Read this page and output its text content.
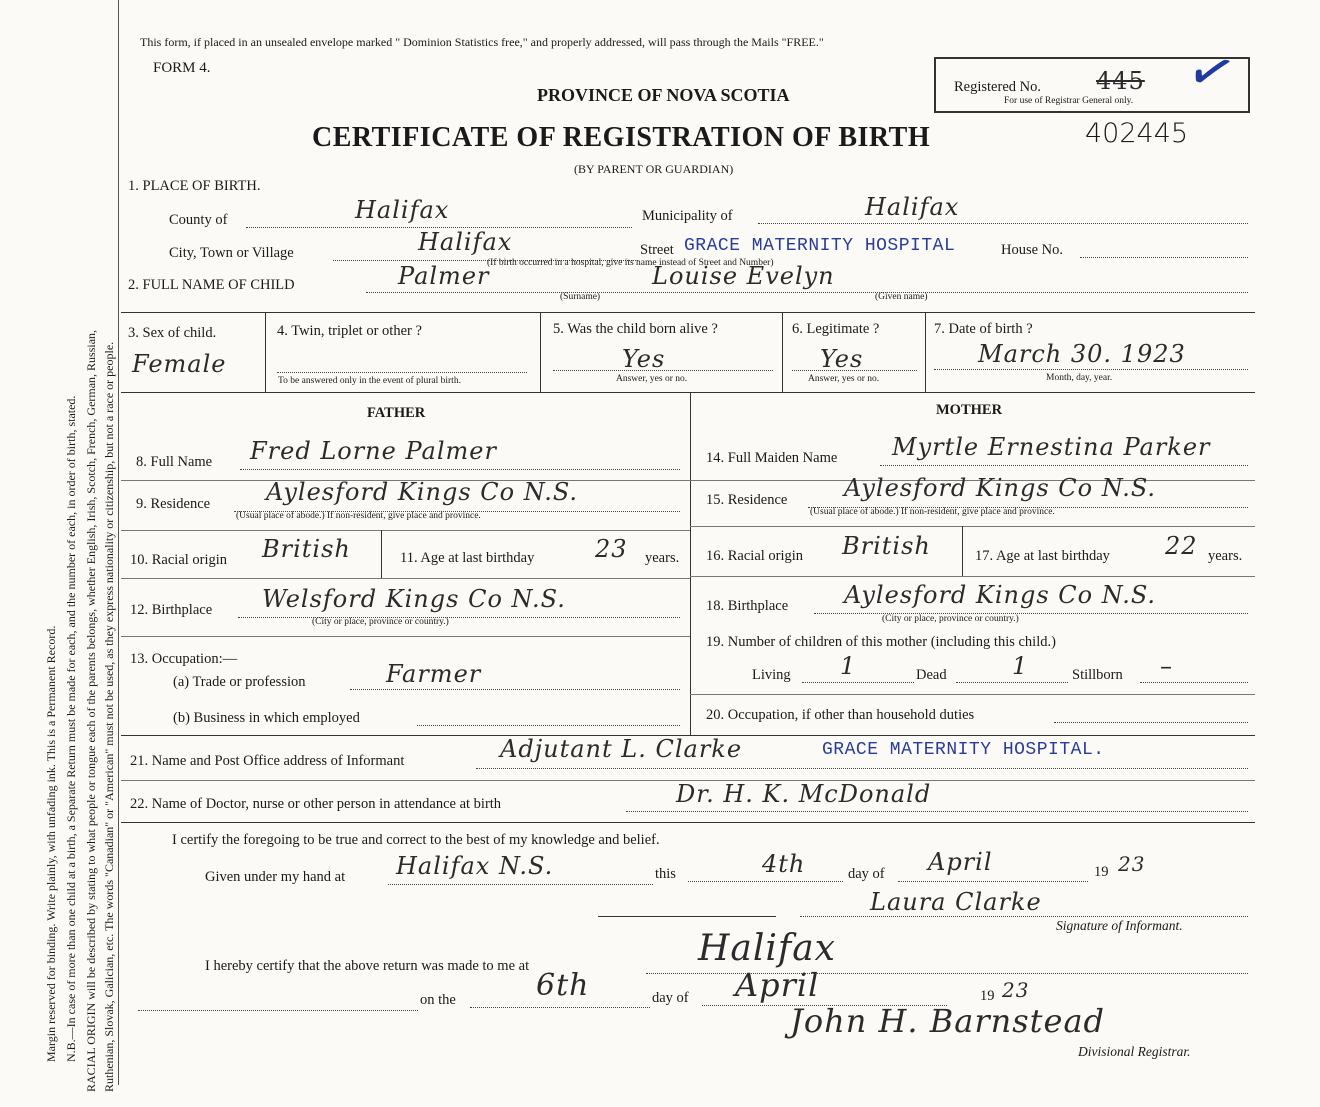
Margin reserved for binding. Write plainly, with unfading ink. This is a Permanent Record. N.B.—In case of more than one child at a birth, a Separate Return must be made for each, and the number of each, in order of birth, stated. RACIAL ORIGIN will be described by stating to what people or tongue each of the parents belongs, whether English, Irish, Scotch, French, German, Russian, Ruthenian, Slovak, Galician, etc. The words "Canadian" or "American" must not be used, as they express nationality or citizenship, but not a race or people.
This form, if placed in an unsealed envelope marked " Dominion Statistics free," and properly addressed, will pass through the Mails "FREE."
FORM 4.
PROVINCE OF NOVA SCOTIA
CERTIFICATE OF REGISTRATION OF BIRTH	402445
(BY PARENT OR GUARDIAN)
Registered No. 445
For use of Registrar General only. ✓
1. PLACE OF BIRTH.
County of	Halifax	Municipality of	Halifax
City, Town or Village	Halifax	Street GRACE MATERNITY HOSPITAL	House No.
(If birth occurred in a hospital, give its name instead of Street and Number)
2. FULL NAME OF CHILD	Palmer
(Surname)
Louise Evelyn
(Given name)
3. Sex of child.
Female
4. Twin, triplet or other ?
To be answered only in the event of plural birth.
5. Was the child born alive ?
Yes
Answer, yes or no.
6. Legitimate ?
Yes
Answer, yes or no.
7. Date of birth ?
March 30. 1923
Month, day, year.
FATHER	MOTHER
8. Full Name Fred Lorne Palmer
9. Residence Aylesford Kings Co N.S.
(Usual place of abode.) If non-resident, give place and province.
10. Racial origin British	11. Age at last birthday	23 years.
12. Birthplace Welsford Kings Co N.S.
(City or place, province or country.)
13. Occupation:—
(a) Trade or profession	Farmer
(b) Business in which employed
14. Full Maiden Name Myrtle Ernestina Parker
15. Residence Aylesford Kings Co N.S.
(Usual place of abode.) If non-resident, give place and province.
16. Racial origin British	17. Age at last birthday 22 years.
18. Birthplace Aylesford Kings Co N.S.
(City or place, province or country.)
19. Number of children of this mother (including this child.)
Living 1	Dead	1	Stillborn –
20. Occupation, if other than household duties
21. Name and Post Office address of Informant	Adjutant L. Clarke	GRACE MATERNITY HOSPITAL.
22. Name of Doctor, nurse or other person in attendance at birth	Dr. H. K. McDonald
I certify the foregoing to be true and correct to the best of my knowledge and belief.
Given under my hand at Halifax N.S.	this	4th	day of April	19 23
Laura Clarke
Signature of Informant.
I hereby certify that the above return was made to me at	Halifax
on the	6th	day of April	19 23
John H. Barnstead
Divisional Registrar.
